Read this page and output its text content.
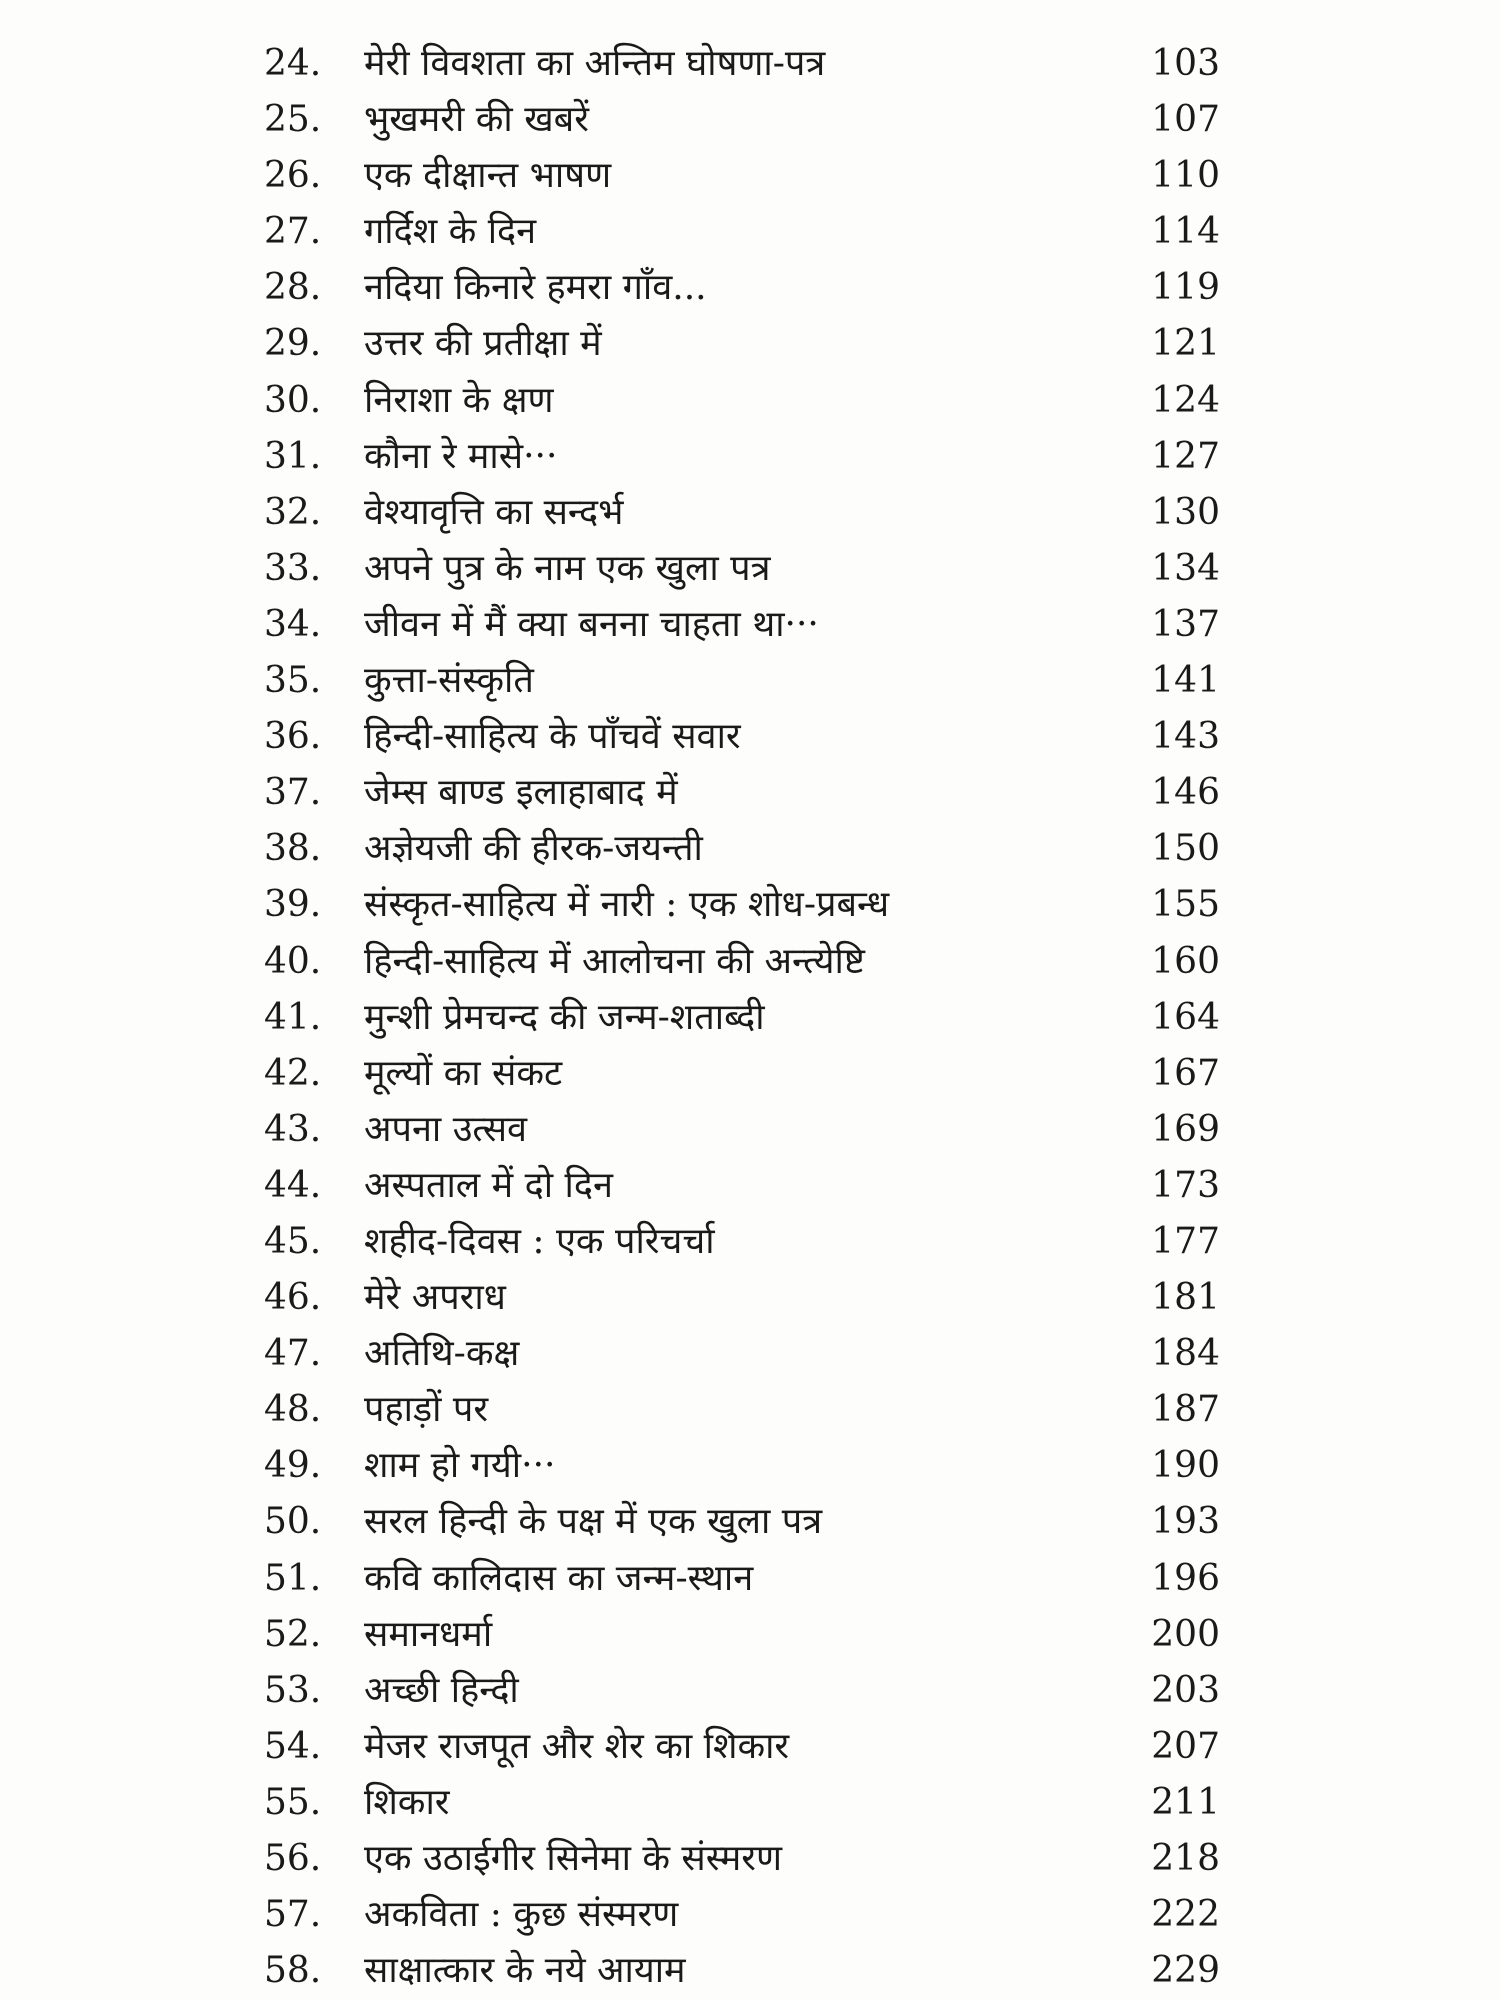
24.	मेरी विवशता का अन्तिम घोषणा-पत्र	103
25.	भुखमरी की खबरें	107
26.	एक दीक्षान्त भाषण	110
27.	गर्दिश के दिन	114
28.	नदिया किनारे हमरा गाँव...	119
29.	उत्तर की प्रतीक्षा में	121
30.	निराशा के क्षण	124
31.	कौना रे मासे···	127
32.	वेश्यावृत्ति का सन्दर्भ	130
33.	अपने पुत्र के नाम एक खुला पत्र	134
34.	जीवन में मैं क्या बनना चाहता था···	137
35.	कुत्ता-संस्कृति	141
36.	हिन्दी-साहित्य के पाँचवें सवार	143
37.	जेम्स बाण्ड इलाहाबाद में	146
38.	अज्ञेयजी की हीरक-जयन्ती	150
39.	संस्कृत-साहित्य में नारी : एक शोध-प्रबन्ध	155
40.	हिन्दी-साहित्य में आलोचना की अन्त्येष्टि	160
41.	मुन्शी प्रेमचन्द की जन्म-शताब्दी	164
42.	मूल्यों का संकट	167
43.	अपना उत्सव	169
44.	अस्पताल में दो दिन	173
45.	शहीद-दिवस : एक परिचर्चा	177
46.	मेरे अपराध	181
47.	अतिथि-कक्ष	184
48.	पहाड़ों पर	187
49.	शाम हो गयी···	190
50.	सरल हिन्दी के पक्ष में एक खुला पत्र	193
51.	कवि कालिदास का जन्म-स्थान	196
52.	समानधर्मा	200
53.	अच्छी हिन्दी	203
54.	मेजर राजपूत और शेर का शिकार	207
55.	शिकार	211
56.	एक उठाईगीर सिनेमा के संस्मरण	218
57.	अकविता : कुछ संस्मरण	222
58.	साक्षात्कार के नये आयाम	229
